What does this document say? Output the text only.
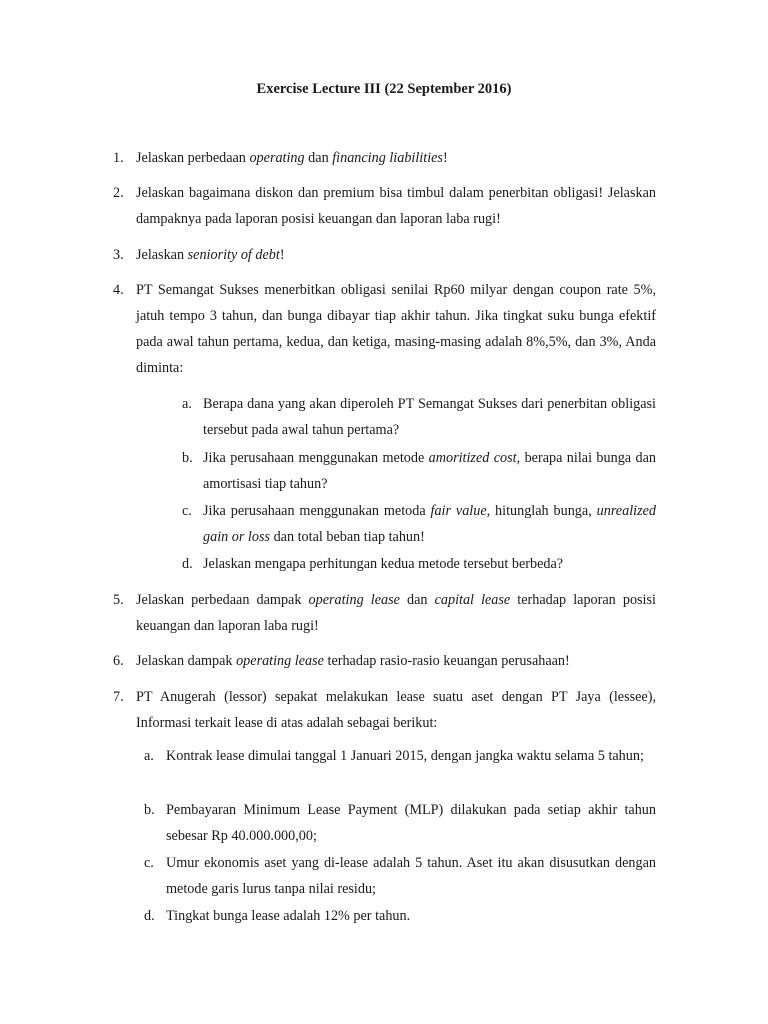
Exercise Lecture III (22 September 2016)
1. Jelaskan perbedaan operating dan financing liabilities!
2. Jelaskan bagaimana diskon dan premium bisa timbul dalam penerbitan obligasi! Jelaskan dampaknya pada laporan posisi keuangan dan laporan laba rugi!
3. Jelaskan seniority of debt!
4. PT Semangat Sukses menerbitkan obligasi senilai Rp60 milyar dengan coupon rate 5%, jatuh tempo 3 tahun, dan bunga dibayar tiap akhir tahun. Jika tingkat suku bunga efektif pada awal tahun pertama, kedua, dan ketiga, masing-masing adalah 8%,5%, dan 3%, Anda diminta:
a. Berapa dana yang akan diperoleh PT Semangat Sukses dari penerbitan obligasi tersebut pada awal tahun pertama?
b. Jika perusahaan menggunakan metode amoritized cost, berapa nilai bunga dan amortisasi tiap tahun?
c. Jika perusahaan menggunakan metoda fair value, hitunglah bunga, unrealized gain or loss dan total beban tiap tahun!
d. Jelaskan mengapa perhitungan kedua metode tersebut berbeda?
5. Jelaskan perbedaan dampak operating lease dan capital lease terhadap laporan posisi keuangan dan laporan laba rugi!
6. Jelaskan dampak operating lease terhadap rasio-rasio keuangan perusahaan!
7. PT Anugerah (lessor) sepakat melakukan lease suatu aset dengan PT Jaya (lessee), Informasi terkait lease di atas adalah sebagai berikut:
a. Kontrak lease dimulai tanggal 1 Januari 2015, dengan jangka waktu selama 5 tahun;
b. Pembayaran Minimum Lease Payment (MLP) dilakukan pada setiap akhir tahun sebesar Rp 40.000.000,00;
c. Umur ekonomis aset yang di-lease adalah 5 tahun. Aset itu akan disusutkan dengan metode garis lurus tanpa nilai residu;
d. Tingkat bunga lease adalah 12% per tahun.
